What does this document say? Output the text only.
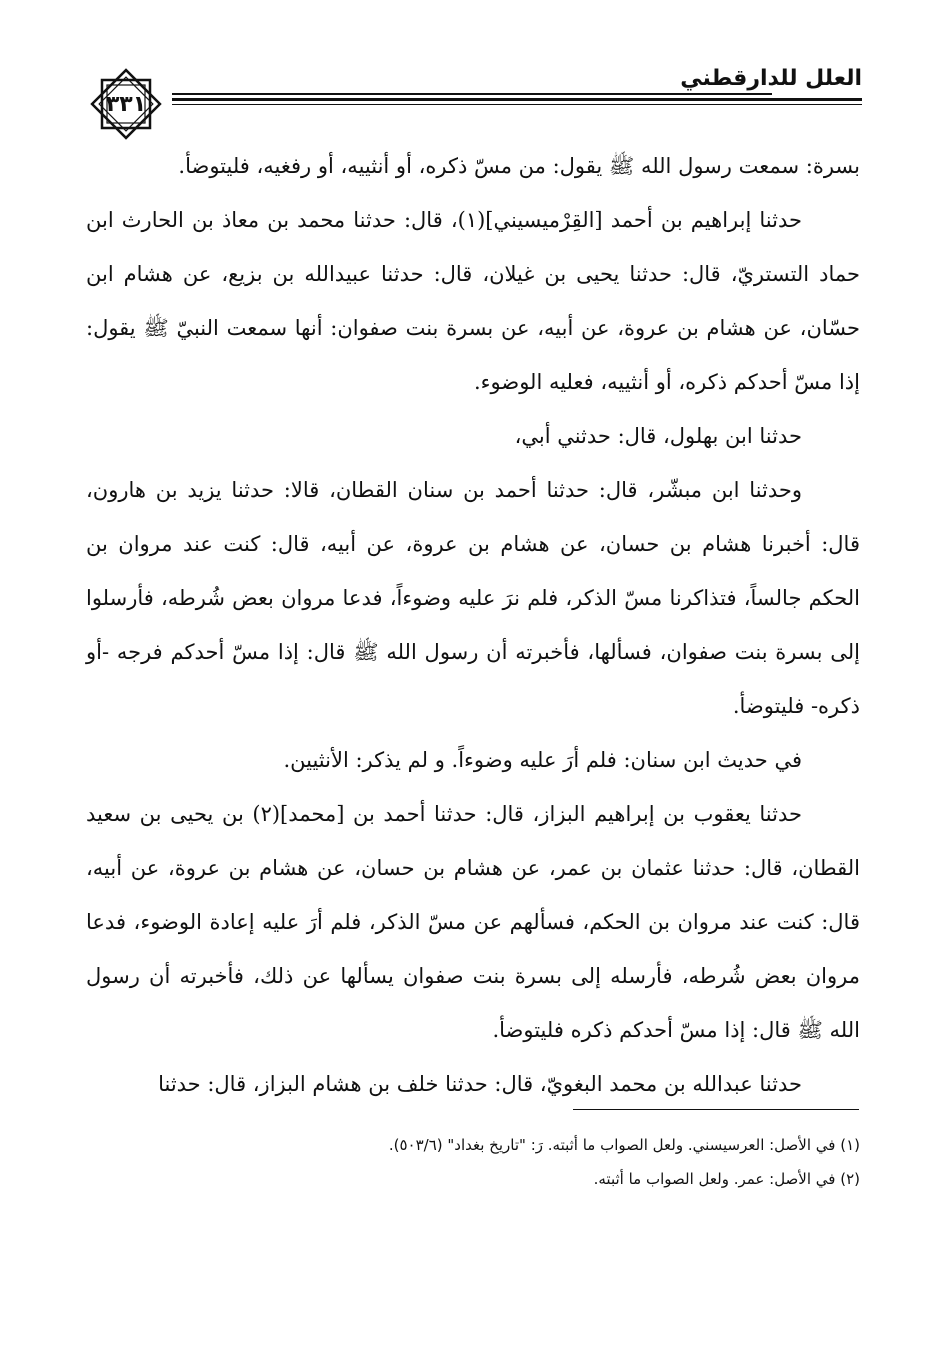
٣٣١
العلل للدارقطني

بسرة: سمعت رسول الله ﷺ يقول: من مسّ ذكره، أو أنثييه، أو رفغيه، فليتوضأ.

حدثنا إبراهيم بن أحمد [القِرْميسيني](١)، قال: حدثنا محمد بن معاذ بن الحارث ابن حماد التستريّ، قال: حدثنا يحيى بن غيلان، قال: حدثنا عبيدالله بن بزيع، عن هشام ابن حسّان، عن هشام بن عروة، عن أبيه، عن بسرة بنت صفوان: أنها سمعت النبيّ ﷺ يقول: إذا مسّ أحدكم ذكره، أو أنثييه، فعليه الوضوء.

حدثنا ابن بهلول، قال: حدثني أبي،

وحدثنا ابن مبشّر، قال: حدثنا أحمد بن سنان القطان، قالا: حدثنا يزيد بن هارون، قال: أخبرنا هشام بن حسان، عن هشام بن عروة، عن أبيه، قال: كنت عند مروان بن الحكم جالساً، فتذاكرنا مسّ الذكر، فلم نرَ عليه وضوءاً، فدعا مروان بعض شُرطه، فأرسلوا إلى بسرة بنت صفوان، فسألها، فأخبرته أن رسول الله ﷺ قال: إذا مسّ أحدكم فرجه -أو ذكره- فليتوضأ.

في حديث ابن سنان: فلم أرَ عليه وضوءاً. و لم يذكر: الأنثيين.

حدثنا يعقوب بن إبراهيم البزاز، قال: حدثنا أحمد بن [محمد](٢) بن يحيى بن سعيد القطان، قال: حدثنا عثمان بن عمر، عن هشام بن حسان، عن هشام بن عروة، عن أبيه، قال: كنت عند مروان بن الحكم، فسألهم عن مسّ الذكر، فلم أرَ عليه إعادة الوضوء، فدعا مروان بعض شُرطه، فأرسله إلى بسرة بنت صفوان يسألها عن ذلك، فأخبرته أن رسول الله ﷺ قال: إذا مسّ أحدكم ذكره فليتوضأ.

حدثنا عبدالله بن محمد البغويّ، قال: حدثنا خلف بن هشام البزاز، قال: حدثنا

(١) في الأصل: العرسيسني. ولعل الصواب ما أثبته. رَ: "تاريخ بغداد" (٥٠٣/٦).

(٢) في الأصل: عمر. ولعل الصواب ما أثبته.
